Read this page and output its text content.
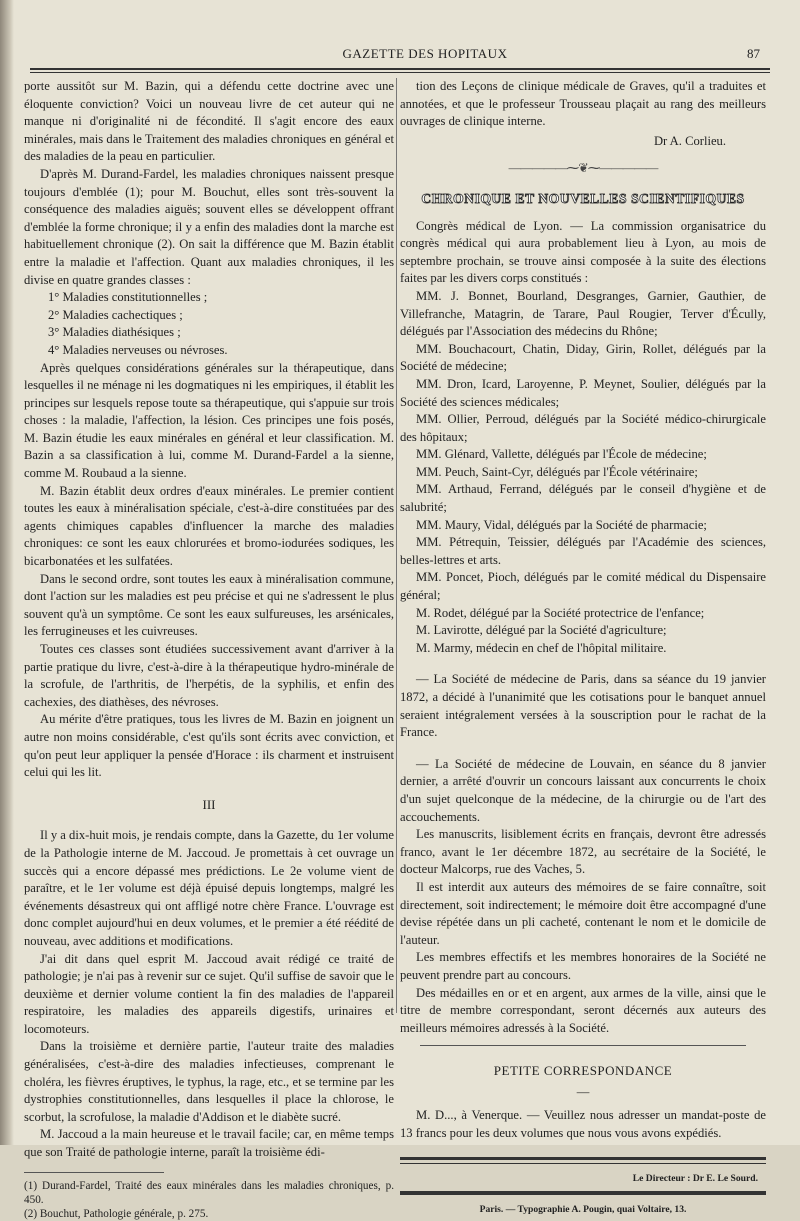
GAZETTE DES HOPITAUX	87

porte aussitôt sur M. Bazin, qui a défendu cette doctrine avec une éloquente conviction? Voici un nouveau livre de cet auteur qui ne manque ni d'originalité ni de fécondité. Il s'agit encore des eaux minérales, mais dans le Traitement des maladies chroniques en général et des maladies de la peau en particulier.

D'après M. Durand-Fardel, les maladies chroniques naissent presque toujours d'emblée (1); pour M. Bouchut, elles sont très-souvent la conséquence des maladies aiguës; souvent elles se développent offrant d'emblée la forme chronique; il y a enfin des maladies dont la marche est habituellement chronique (2). On sait la différence que M. Bazin établit entre la maladie et l'affection. Quant aux maladies chroniques, il les divise en quatre grandes classes :

1° Maladies constitutionnelles ;

2° Maladies cachectiques ;

3° Maladies diathésiques ;

4° Maladies nerveuses ou névroses.

Après quelques considérations générales sur la thérapeutique, dans lesquelles il ne ménage ni les dogmatiques ni les empiriques, il établit les principes sur lesquels repose toute sa thérapeutique, qui s'appuie sur trois choses : la maladie, l'affection, la lésion. Ces principes une fois posés, M. Bazin étudie les eaux minérales en général et leur classification. M. Bazin a sa classification à lui, comme M. Durand-Fardel a la sienne, comme M. Roubaud a la sienne.

M. Bazin établit deux ordres d'eaux minérales. Le premier contient toutes les eaux à minéralisation spéciale, c'est-à-dire constituées par des agents chimiques capables d'influencer la marche des maladies chroniques: ce sont les eaux chlorurées et bromo-iodurées sodiques, les bicarbonatées et les sulfatées.

Dans le second ordre, sont toutes les eaux à minéralisation commune, dont l'action sur les maladies est peu précise et qui ne s'adressent le plus souvent qu'à un symptôme. Ce sont les eaux sulfureuses, les arsénicales, les ferrugineuses et les cuivreuses.

Toutes ces classes sont étudiées successivement avant d'arriver à la partie pratique du livre, c'est-à-dire à la thérapeutique hydro-minérale de la scrofule, de l'arthritis, de l'herpétis, de la syphilis, et enfin des cachexies, des diathèses, des névroses.

Au mérite d'être pratiques, tous les livres de M. Bazin en joignent un autre non moins considérable, c'est qu'ils sont écrits avec conviction, et qu'on peut leur appliquer la pensée d'Horace : ils charment et instruisent celui qui les lit.

III

Il y a dix-huit mois, je rendais compte, dans la Gazette, du 1er volume de la Pathologie interne de M. Jaccoud. Je promettais à cet ouvrage un succès qui a encore dépassé mes prédictions. Le 2e volume vient de paraître, et le 1er volume est déjà épuisé depuis longtemps, malgré les événements désastreux qui ont affligé notre chère France. L'ouvrage est donc complet aujourd'hui en deux volumes, et le premier a été réédité de nouveau, avec additions et modifications.

J'ai dit dans quel esprit M. Jaccoud avait rédigé ce traité de pathologie; je n'ai pas à revenir sur ce sujet. Qu'il suffise de savoir que le deuxième et dernier volume contient la fin des maladies de l'appareil respiratoire, les maladies des appareils digestifs, urinaires et locomoteurs.

Dans la troisième et dernière partie, l'auteur traite des maladies généralisées, c'est-à-dire des maladies infectieuses, comprenant le choléra, les fièvres éruptives, le typhus, la rage, etc., et se termine par les dystrophies constitutionnelles, dans lesquelles il place la chlorose, le scorbut, la scrofulose, la maladie d'Addison et le diabète sucré.

M. Jaccoud a la main heureuse et le travail facile; car, en même temps que son Traité de pathologie interne, paraît la troisième édi-

(1) Durand-Fardel, Traité des eaux minérales dans les maladies chroniques, p. 450.

(2) Bouchut, Pathologie générale, p. 275.

tion des Leçons de clinique médicale de Graves, qu'il a traduites et annotées, et que le professeur Trousseau plaçait au rang des meilleurs ouvrages de clinique interne.

Dr A. Corlieu.

—————⁓❦⁓—————

CHRONIQUE ET NOUVELLES SCIENTIFIQUES

Congrès médical de Lyon. — La commission organisatrice du congrès médical qui aura probablement lieu à Lyon, au mois de septembre prochain, se trouve ainsi composée à la suite des élections faites par les divers corps constitués :

MM. J. Bonnet, Bourland, Desgranges, Garnier, Gauthier, de Villefranche, Matagrin, de Tarare, Paul Rougier, Terver d'Écully, délégués par l'Association des médecins du Rhône;

MM. Bouchacourt, Chatin, Diday, Girin, Rollet, délégués par la Société de médecine;

MM. Dron, Icard, Laroyenne, P. Meynet, Soulier, délégués par la Société des sciences médicales;

MM. Ollier, Perroud, délégués par la Société médico-chirurgicale des hôpitaux;

MM. Glénard, Vallette, délégués par l'École de médecine;

MM. Peuch, Saint-Cyr, délégués par l'École vétérinaire;

MM. Arthaud, Ferrand, délégués par le conseil d'hygiène et de salubrité;

MM. Maury, Vidal, délégués par la Société de pharmacie;

MM. Pétrequin, Teissier, délégués par l'Académie des sciences, belles-lettres et arts.

MM. Poncet, Pioch, délégués par le comité médical du Dispensaire général;

M. Rodet, délégué par la Société protectrice de l'enfance;

M. Lavirotte, délégué par la Société d'agriculture;

M. Marmy, médecin en chef de l'hôpital militaire.

— La Société de médecine de Paris, dans sa séance du 19 janvier 1872, a décidé à l'unanimité que les cotisations pour le banquet annuel seraient intégralement versées à la souscription pour le rachat de la France.

— La Société de médecine de Louvain, en séance du 8 janvier dernier, a arrêté d'ouvrir un concours laissant aux concurrents le choix d'un sujet quelconque de la médecine, de la chirurgie ou de l'art des accouchements.

Les manuscrits, lisiblement écrits en français, devront être adressés franco, avant le 1er décembre 1872, au secrétaire de la Société, le docteur Malcorps, rue des Vaches, 5.

Il est interdit aux auteurs des mémoires de se faire connaître, soit directement, soit indirectement; le mémoire doit être accompagné d'une devise répétée dans un pli cacheté, contenant le nom et le domicile de l'auteur.

Les membres effectifs et les membres honoraires de la Société ne peuvent prendre part au concours.

Des médailles en or et en argent, aux armes de la ville, ainsi que le titre de membre correspondant, seront décernés aux auteurs des meilleurs mémoires adressés à la Société.

PETITE CORRESPONDANCE

—

M. D..., à Venerque. — Veuillez nous adresser un mandat-poste de 13 francs pour les deux volumes que nous vous avons expédiés.

Le Directeur : Dr E. Le Sourd.

Paris. — Typographie A. Pougin, quai Voltaire, 13.
